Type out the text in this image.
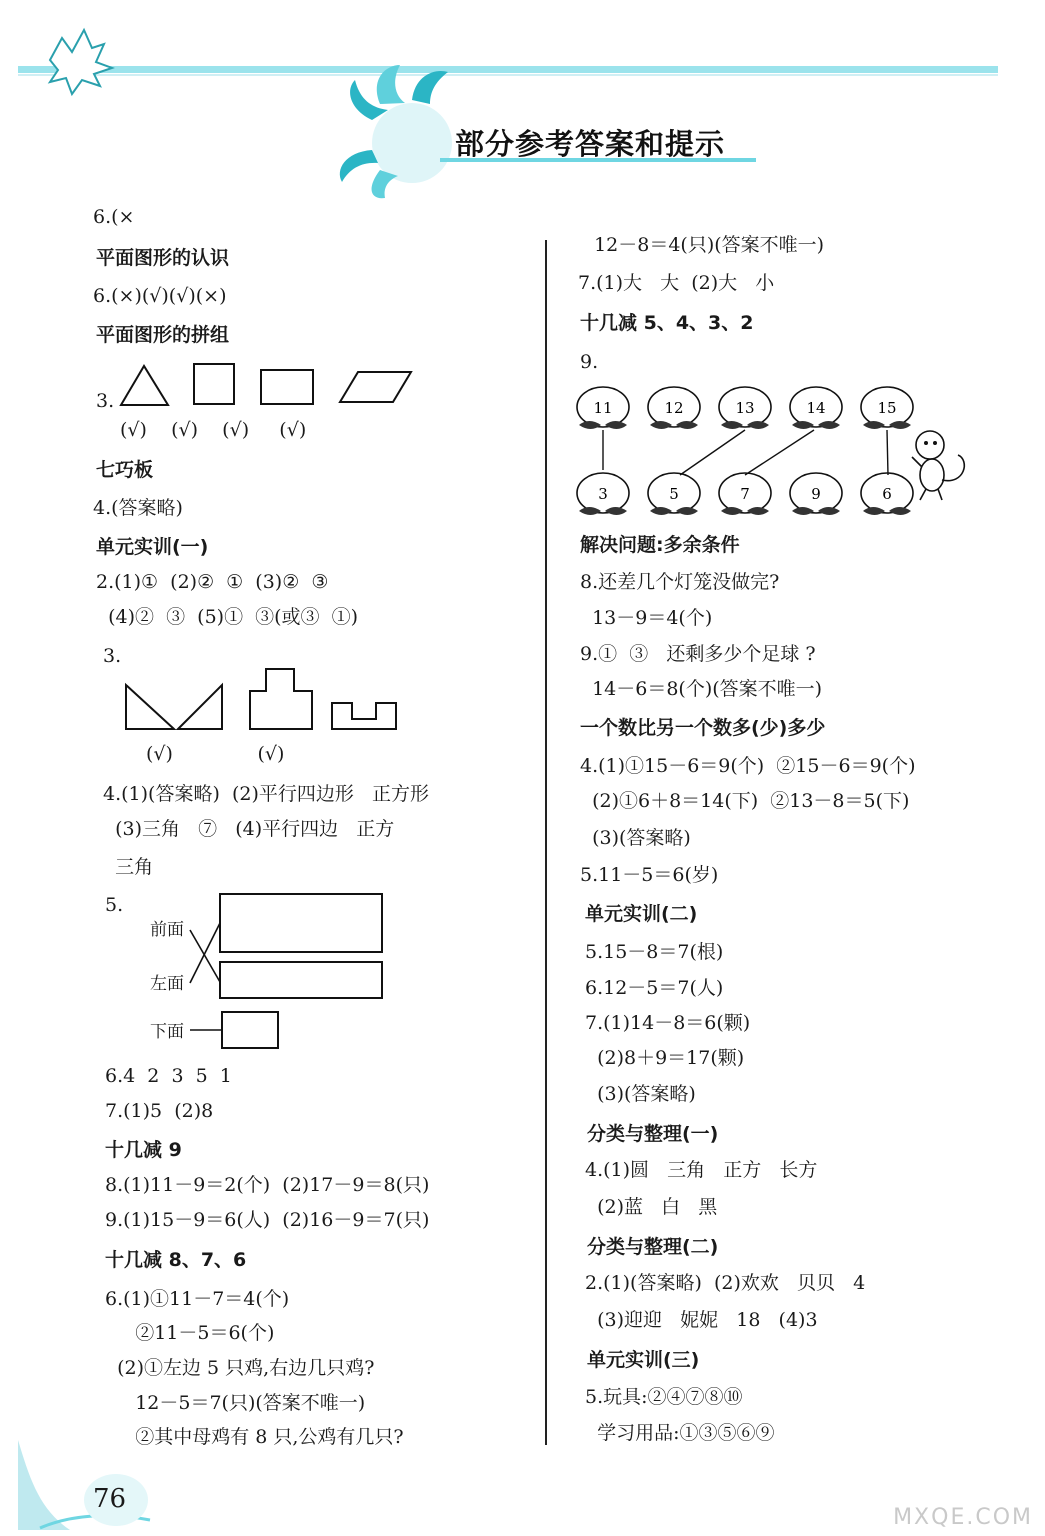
部分参考答案和提示
6.(×
平面图形的认识
6.(×)(√)(√)(×)
平面图形的拼组
3.
(√)    (√)    (√)     (√)
七巧板
4.(答案略)
单元实训(一)
2.(1)①  (2)②  ①  (3)②  ③
(4)②  ③  (5)①  ③(或③  ①)
3.
(√)              (√)
4.(1)(答案略)  (2)平行四边形   正方形
(3)三角   ⑦   (4)平行四边   正方
三角
5.
前面
左面
下面
6.4  2  3  5  1
7.(1)5  (2)8
十几减 9
8.(1)11－9＝2(个)  (2)17－9＝8(只)
9.(1)15－9＝6(人)  (2)16－9＝7(只)
十几减 8、7、6
6.(1)①11－7＝4(个)
②11－5＝6(个)
(2)①左边 5 只鸡,右边几只鸡?
12－5＝7(只)(答案不唯一)
②其中母鸡有 8 只,公鸡有几只?
12－8＝4(只)(答案不唯一)
7.(1)大   大  (2)大   小
十几减 5、4、3、2
9.
11	12	13	14	15
3	5	7	9	6
解决问题:多余条件
8.还差几个灯笼没做完?
13－9＝4(个)
9.①  ③   还剩多少个足球 ?
14－6＝8(个)(答案不唯一)
一个数比另一个数多(少)多少
4.(1)①15－6＝9(个)  ②15－6＝9(个)
(2)①6＋8＝14(下)  ②13－8＝5(下)
(3)(答案略)
5.11－5＝6(岁)
单元实训(二)
5.15－8＝7(根)
6.12－5＝7(人)
7.(1)14－8＝6(颗)
(2)8＋9＝17(颗)
(3)(答案略)
分类与整理(一)
4.(1)圆   三角   正方   长方
(2)蓝   白   黑
分类与整理(二)
2.(1)(答案略)  (2)欢欢   贝贝   4
(3)迎迎   妮妮   18   (4)3
单元实训(三)
5.玩具:②④⑦⑧⑩
学习用品:①③⑤⑥⑨
76
MXQE.COM
